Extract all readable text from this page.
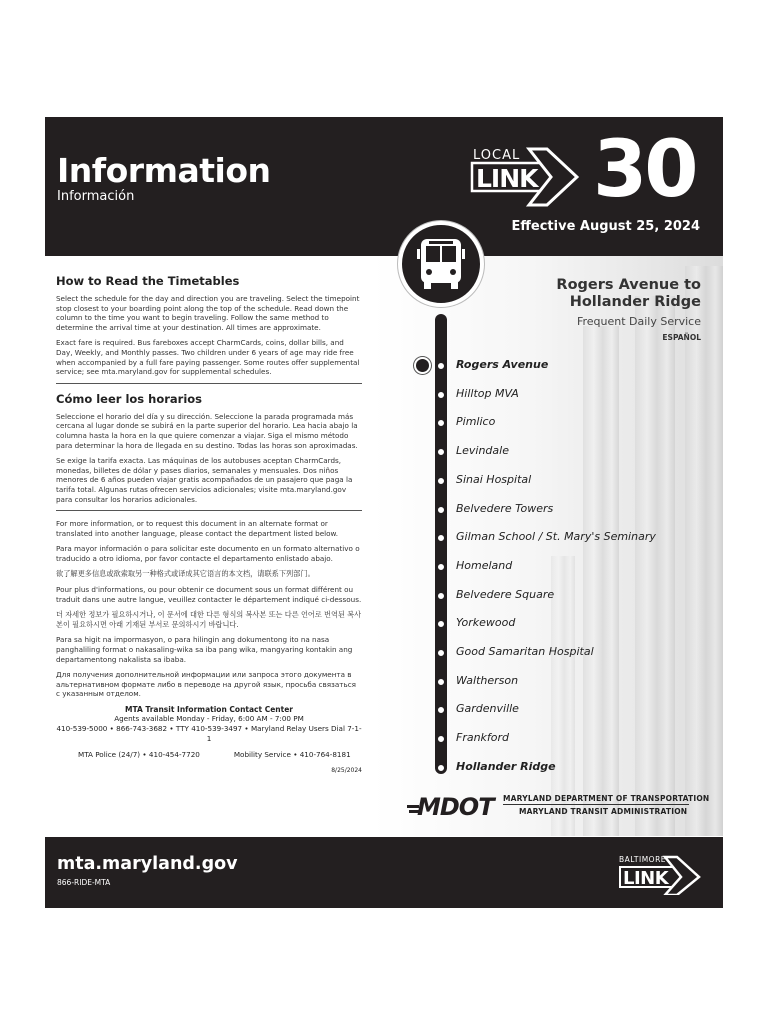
Information
Información
LOCAL
LINK 30
Effective August 25, 2024
Rogers Avenue to
Hollander Ridge
Frequent Daily Service
ESPAÑOL
Rogers Avenue
Hilltop MVA
Pimlico
Levindale
Sinai Hospital
Belvedere Towers
Gilman School / St. Mary's Seminary
Homeland
Belvedere Square
Yorkewood
Good Samaritan Hospital
Waltherson
Gardenville
Frankford
Hollander Ridge
MDOT	MARYLAND DEPARTMENT OF TRANSPORTATION
MARYLAND TRANSIT ADMINISTRATION
How to Read the Timetables
Select the schedule for the day and direction you are traveling. Select the timepoint stop closest to your boarding point along the top of the schedule. Read down the column to the time you want to begin traveling. Follow the same method to determine the arrival time at your destination. All times are approximate.
Exact fare is required. Bus fareboxes accept CharmCards, coins, dollar bills, and Day, Weekly, and Monthly passes. Two children under 6 years of age may ride free when accompanied by a full fare paying passenger. Some routes offer supplemental service; see mta.maryland.gov for supplemental schedules.
Cómo leer los horarios
Seleccione el horario del día y su dirección. Seleccione la parada programada más cercana al lugar donde se subirá en la parte superior del horario. Lea hacia abajo la columna hasta la hora en la que quiere comenzar a viajar. Siga el mismo método para determinar la hora de llegada en su destino. Todas las horas son aproximadas.
Se exige la tarifa exacta. Las máquinas de los autobuses aceptan CharmCards, monedas, billetes de dólar y pases diarios, semanales y mensuales. Dos niños menores de 6 años pueden viajar gratis acompañados de un pasajero que paga la tarifa total. Algunas rutas ofrecen servicios adicionales; visite mta.maryland.gov para consultar los horarios adicionales.
For more information, or to request this document in an alternate format or translated into another language, please contact the department listed below.
Para mayor información o para solicitar este documento en un formato alternativo o traducido a otro idioma, por favor contacte el departamento enlistado abajo.
欲了解更多信息或欲索取另一种格式或译成其它语言的本文档，请联系下列部门。
Pour plus d'informations, ou pour obtenir ce document sous un format différent ou traduit dans une autre langue, veuillez contacter le département indiqué ci-dessous.
더 자세한 정보가 필요하시거나, 이 문서에 대한 다른 형식의 복사본 또는 다른 언어로 번역된 복사본이 필요하시면 아래 기재된 부서로 문의하시기 바랍니다.
Para sa higit na impormasyon, o para hilingin ang dokumentong ito na nasa panghaliling format o nakasaling-wika sa iba pang wika, mangyaring kontakin ang departamentong nakalista sa ibaba.
Для получения дополнительной информации или запроса этого документа в альтернативном формате либо в переводе на другой язык, просьба связаться с указанным отделом.
MTA Transit Information Contact Center
Agents available Monday - Friday, 6:00 AM - 7:00 PM
410-539-5000 • 866-743-3682 • TTY 410-539-3497 • Maryland Relay Users Dial 7-1-1
MTA Police (24/7) • 410-454-7720	Mobility Service • 410-764-8181
8/25/2024
mta.maryland.gov
866-RIDE-MTA
BALTIMORE
LINK
